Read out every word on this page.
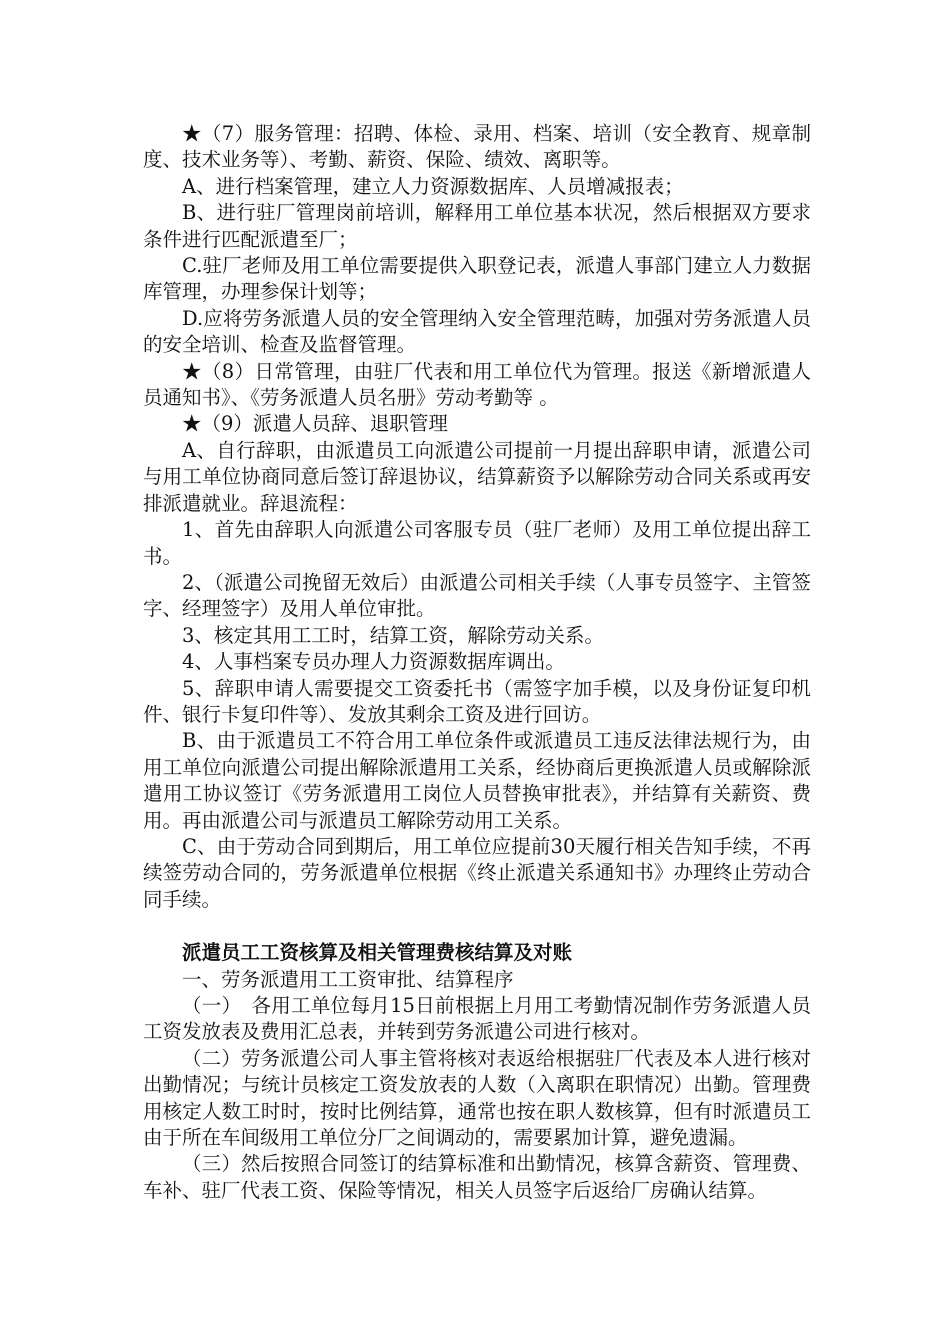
★（7）服务管理：招聘、体检、录用、档案、培训（安全教育、规章制度、技术业务等）、考勤、薪资、保险、绩效、离职等。

A、进行档案管理，建立人力资源数据库、人员增减报表；

B、进行驻厂管理岗前培训，解释用工单位基本状况，然后根据双方要求条件进行匹配派遣至厂；

C.驻厂老师及用工单位需要提供入职登记表，派遣人事部门建立人力数据库管理，办理参保计划等；

D.应将劳务派遣人员的安全管理纳入安全管理范畴，加强对劳务派遣人员的安全培训、检查及监督管理。

★（8）日常管理，由驻厂代表和用工单位代为管理。报送《新增派遣人员通知书》、《劳务派遣人员名册》劳动考勤等 。

★（9）派遣人员辞、退职管理

A、自行辞职，由派遣员工向派遣公司提前一月提出辞职申请，派遣公司与用工单位协商同意后签订辞退协议，结算薪资予以解除劳动合同关系或再安排派遣就业。辞退流程：

1、首先由辞职人向派遣公司客服专员（驻厂老师）及用工单位提出辞工书。

2、（派遣公司挽留无效后）由派遣公司相关手续（人事专员签字、主管签字、经理签字）及用人单位审批。

3、核定其用工工时，结算工资，解除劳动关系。

4、人事档案专员办理人力资源数据库调出。

5、辞职申请人需要提交工资委托书（需签字加手模，以及身份证复印机件、银行卡复印件等）、发放其剩余工资及进行回访。

B、由于派遣员工不符合用工单位条件或派遣员工违反法律法规行为，由用工单位向派遣公司提出解除派遣用工关系，经协商后更换派遣人员或解除派遣用工协议签订《劳务派遣用工岗位人员替换审批表》，并结算有关薪资、费用。再由派遣公司与派遣员工解除劳动用工关系。

C、由于劳动合同到期后，用工单位应提前30天履行相关告知手续，不再续签劳动合同的，劳务派遣单位根据《终止派遣关系通知书》办理终止劳动合同手续。

派遣员工工资核算及相关管理费核结算及对账

一、劳务派遣用工工资审批、结算程序

（一）　各用工单位每月15日前根据上月用工考勤情况制作劳务派遣人员工资发放表及费用汇总表，并转到劳务派遣公司进行核对。

（二）劳务派遣公司人事主管将核对表返给根据驻厂代表及本人进行核对出勤情况；与统计员核定工资发放表的人数（入离职在职情况）出勤。管理费用核定人数工时时，按时比例结算，通常也按在职人数核算，但有时派遣员工由于所在车间级用工单位分厂之间调动的，需要累加计算，避免遗漏。

（三）然后按照合同签订的结算标准和出勤情况，核算含薪资、管理费、车补、驻厂代表工资、保险等情况，相关人员签字后返给厂房确认结算。
